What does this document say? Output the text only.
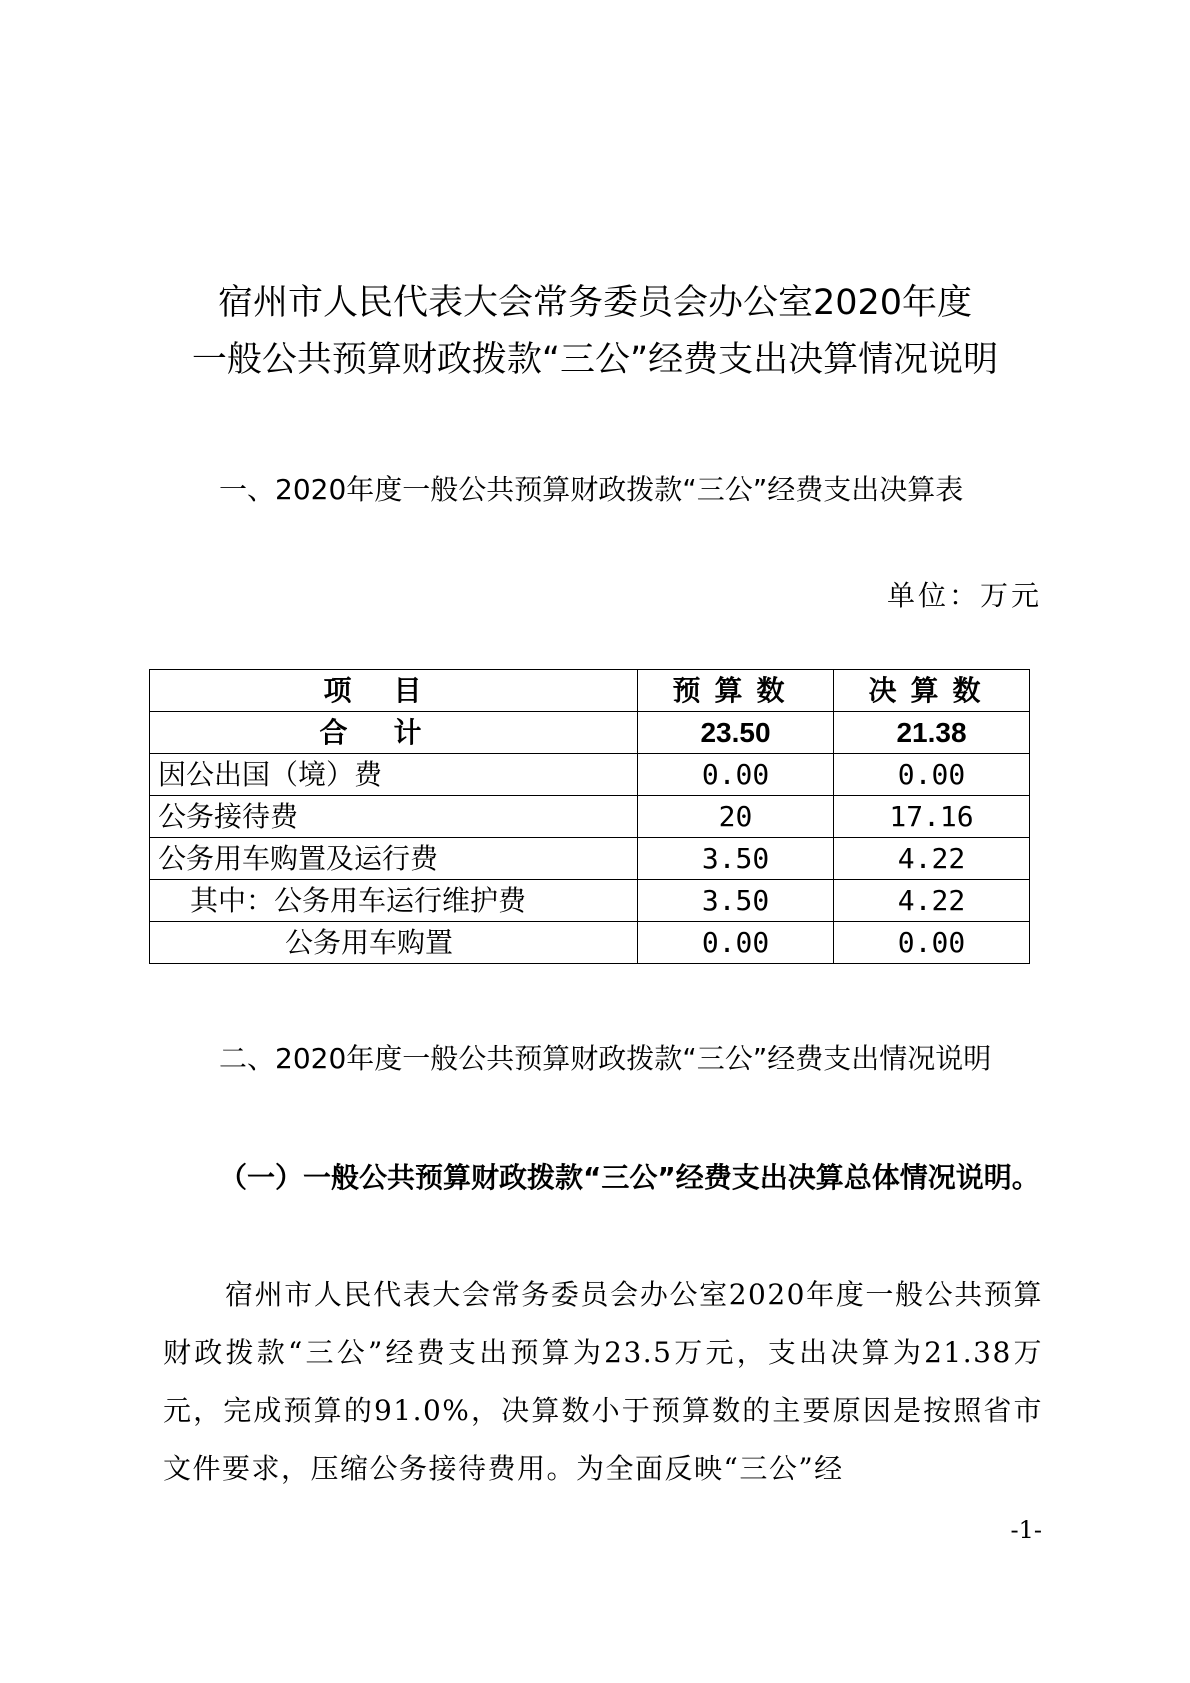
宿州市人民代表大会常务委员会办公室2020年度
一般公共预算财政拨款“三公”经费支出决算情况说明

一、2020年度一般公共预算财政拨款“三公”经费支出决算表

单位：万元
项目	预算数	决算数
合计	23.50	21.38
因公出国（境）费	0.00	0.00
公务接待费	20	17.16
公务用车购置及运行费	3.50	4.22
其中：公务用车运行维护费	3.50	4.22
公务用车购置	0.00	0.00

二、2020年度一般公共预算财政拨款“三公”经费支出情况说明

（一）一般公共预算财政拨款“三公”经费支出决算总体情况说明。

宿州市人民代表大会常务委员会办公室2020年度一般公共预算财政拨款“三公”经费支出预算为23.5万元，支出决算为21.38万元，完成预算的91.0%，决算数小于预算数的主要原因是按照省市文件要求，压缩公务接待费用。为全面反映“三公”经

-1-
